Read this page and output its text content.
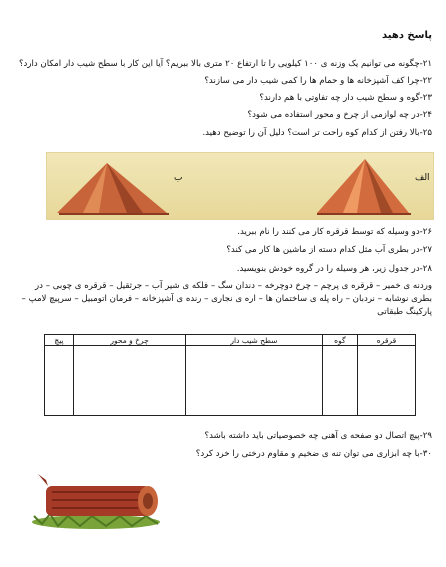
پاسخ دهید
۲۱-چگونه می توانیم یک وزنه ی ۱۰۰ کیلویی را تا ارتفاع ۲۰ متری بالا ببریم؟ آیا این کار با سطح شیب دار امکان دارد؟
۲۲-چرا کف آشپزخانه ها و حمام ها را کمی شیب دار می سازند؟
۲۳-گوه و سطح شیب دار چه تفاوتی با هم دارند؟
۲۴-در چه لوازمی از چرخ و محور استفاده می شود؟
۲۵-بالا رفتن از کدام کوه راحت تر است؟ دلیل آن را توضیح دهید.
ب	الف
۲۶-دو وسیله که توسط قرقره کار می کنند را نام ببرید.
۲۷-در بطری آب مثل کدام دسته از ماشین ها کار می کند؟
۲۸-در جدول زیر، هر وسیله را در گروه خودش بنویسید.
وردنه ی خمیر – قرقره ی پرچم – چرخ دوچرخه – دندان سگ – فلکه ی شیر آب – جرثقیل – قرقره ی چوبی – در بطری نوشابه – نردبان – راه پله ی ساختمان ها – اره ی نجاری – رنده ی آشپزخانه – فرمان اتومبیل – سرپیچ لامپ – پارکینگ طبقاتی
قرقره	گوه	سطح شیب دار	چرخ و محور	پیچ

۲۹-پیچ اتصال دو صفحه ی آهنی چه خصوصیاتی باید داشته باشد؟
۳۰-با چه ابزاری می توان تنه ی ضخیم و مقاوم درختی را خرد کرد؟
